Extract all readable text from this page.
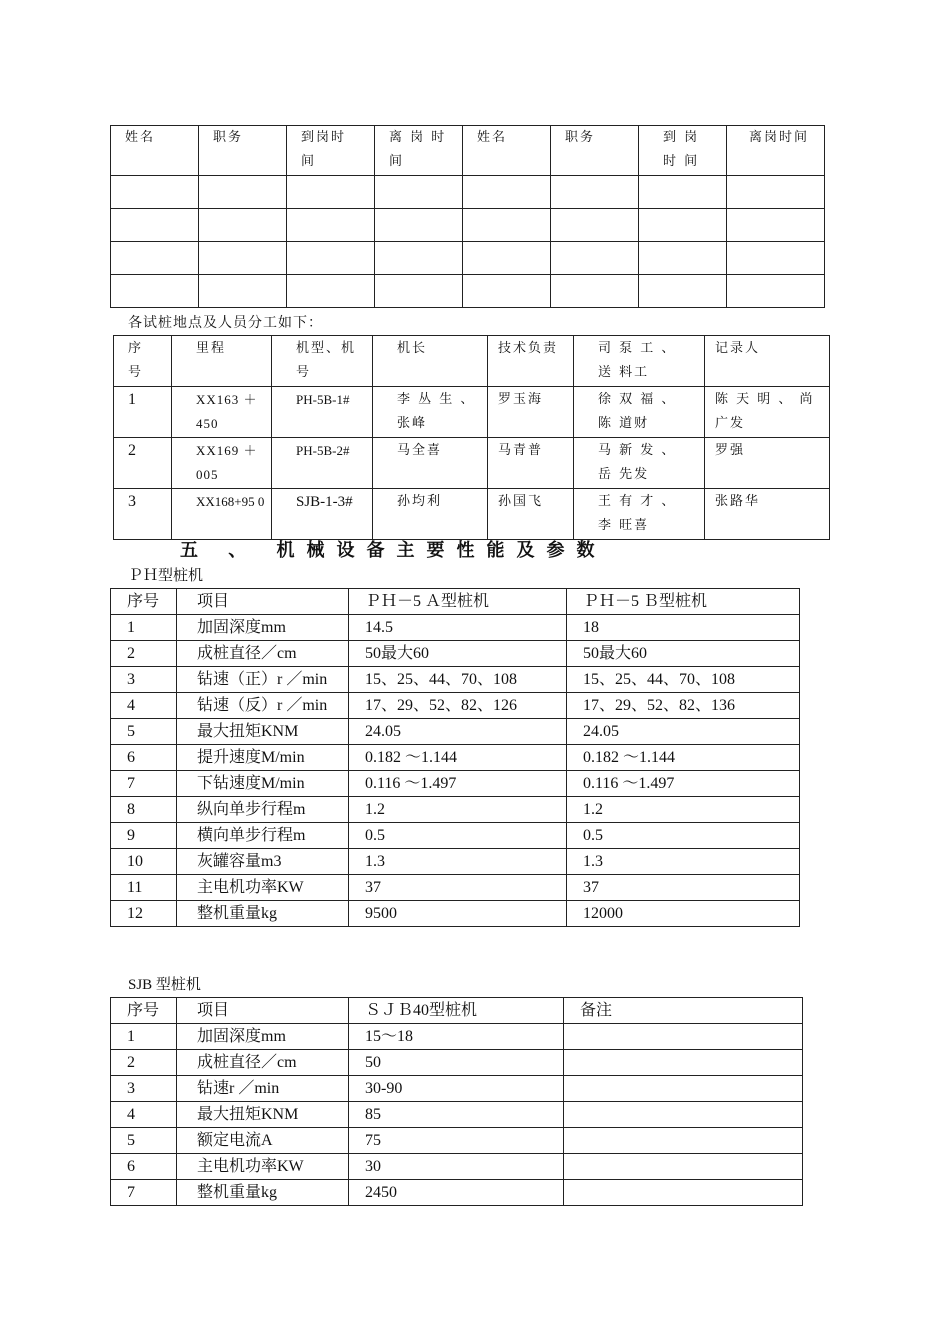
姓名	职务	到岗时间	离 岗 时 间	姓名	职务	到 岗 时 间	离岗时间

各试桩地点及人员分工如下：
序号	里程	机型、机号	机长	技术负责	司 泵 工 、 送 料工	记录人

1	XX163 ＋ 450	PH-5B-1#	李 丛 生 、 张峰	罗玉海	徐 双 福 、 陈 道财	陈 天 明 、 尚 广发

2	XX169 ＋ 005	PH-5B-2#	马全喜	马青普	马 新 发 、 岳 先发	罗强

3	XX168+95 0	SJB-1-3#	孙均利	孙国飞	王 有 才 、 李 旺喜	张路华
五 、 机械设备主要性能及参数
ＰＨ型桩机
序号	项目	ＰＨ－5 Ａ型桩机	ＰＨ－5 Ｂ型桩机

1	加固深度mm	14.5	18

2	成桩直径／cm	50最大60	50最大60

3	钻速（正）r ／min	15、25、44、70、108	15、25、44、70、108

4	钻速（反）r ／min	17、29、52、82、126	17、29、52、82、136

5	最大扭矩KNM	24.05	24.05

6	提升速度M/min	0.182 ～1.144	0.182 ～1.144

7	下钻速度M/min	0.116 ～1.497	0.116 ～1.497

8	纵向单步行程m	1.2	1.2

9	横向单步行程m	0.5	0.5

10	灰罐容量m3	1.3	1.3

11	主电机功率KW	37	37

12	整机重量kg	9500	12000
SJB 型桩机
序号	项目	ＳＪＢ40型桩机	备注

1	加固深度mm	15～18	

2	成桩直径／cm	50	

3	钻速r ／min	30-90	

4	最大扭矩KNM	85	

5	额定电流A	75	

6	主电机功率KW	30	

7	整机重量kg	2450	
